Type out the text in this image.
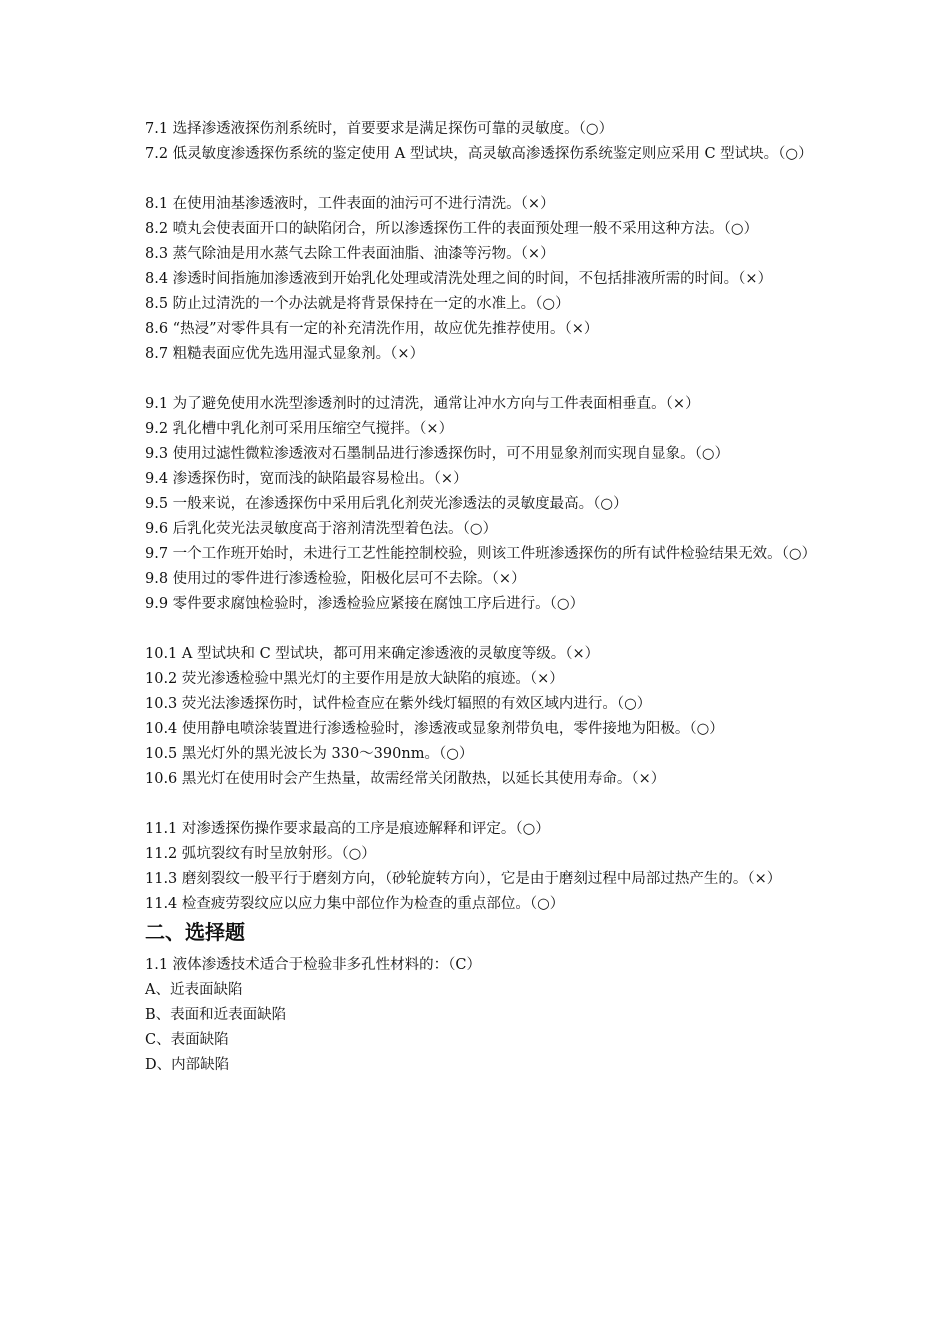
7.1 选择渗透液探伤剂系统时，首要要求是满足探伤可靠的灵敏度。（○）

7.2 低灵敏度渗透探伤系统的鉴定使用 A 型试块，高灵敏高渗透探伤系统鉴定则应采用 C 型试块。（○）

8.1 在使用油基渗透液时，工件表面的油污可不进行清洗。（×）

8.2 喷丸会使表面开口的缺陷闭合，所以渗透探伤工件的表面预处理一般不采用这种方法。（○）

8.3 蒸气除油是用水蒸气去除工件表面油脂、油漆等污物。（×）

8.4 渗透时间指施加渗透液到开始乳化处理或清洗处理之间的时间，不包括排液所需的时间。（×）

8.5 防止过清洗的一个办法就是将背景保持在一定的水准上。（○）

8.6 “热浸”对零件具有一定的补充清洗作用，故应优先推荐使用。（×）

8.7 粗糙表面应优先选用湿式显象剂。（×）

9.1 为了避免使用水洗型渗透剂时的过清洗，通常让冲水方向与工件表面相垂直。（×）

9.2 乳化槽中乳化剂可采用压缩空气搅拌。（×）

9.3 使用过滤性微粒渗透液对石墨制品进行渗透探伤时，可不用显象剂而实现自显象。（○）

9.4 渗透探伤时，宽而浅的缺陷最容易检出。（×）

9.5 一般来说，在渗透探伤中采用后乳化剂荧光渗透法的灵敏度最高。（○）

9.6 后乳化荧光法灵敏度高于溶剂清洗型着色法。（○）

9.7 一个工作班开始时，未进行工艺性能控制校验，则该工件班渗透探伤的所有试件检验结果无效。（○）

9.8 使用过的零件进行渗透检验，阳极化层可不去除。（×）

9.9 零件要求腐蚀检验时，渗透检验应紧接在腐蚀工序后进行。（○）

10.1 A 型试块和 C 型试块，都可用来确定渗透液的灵敏度等级。（×）

10.2 荧光渗透检验中黑光灯的主要作用是放大缺陷的痕迹。（×）

10.3 荧光法渗透探伤时，试件检查应在紫外线灯辐照的有效区域内进行。（○）

10.4 使用静电喷涂装置进行渗透检验时，渗透液或显象剂带负电，零件接地为阳极。（○）

10.5 黑光灯外的黑光波长为 330～390nm。（○）

10.6 黑光灯在使用时会产生热量，故需经常关闭散热，以延长其使用寿命。（×）

11.1 对渗透探伤操作要求最高的工序是痕迹解释和评定。（○）

11.2 弧坑裂纹有时呈放射形。（○）

11.3 磨刻裂纹一般平行于磨刻方向，（砂轮旋转方向），它是由于磨刻过程中局部过热产生的。（×）

11.4 检查疲劳裂纹应以应力集中部位作为检查的重点部位。（○）

二、选择题

1.1 液体渗透技术适合于检验非多孔性材料的：（C）

A、近表面缺陷

B、表面和近表面缺陷

C、表面缺陷

D、内部缺陷
